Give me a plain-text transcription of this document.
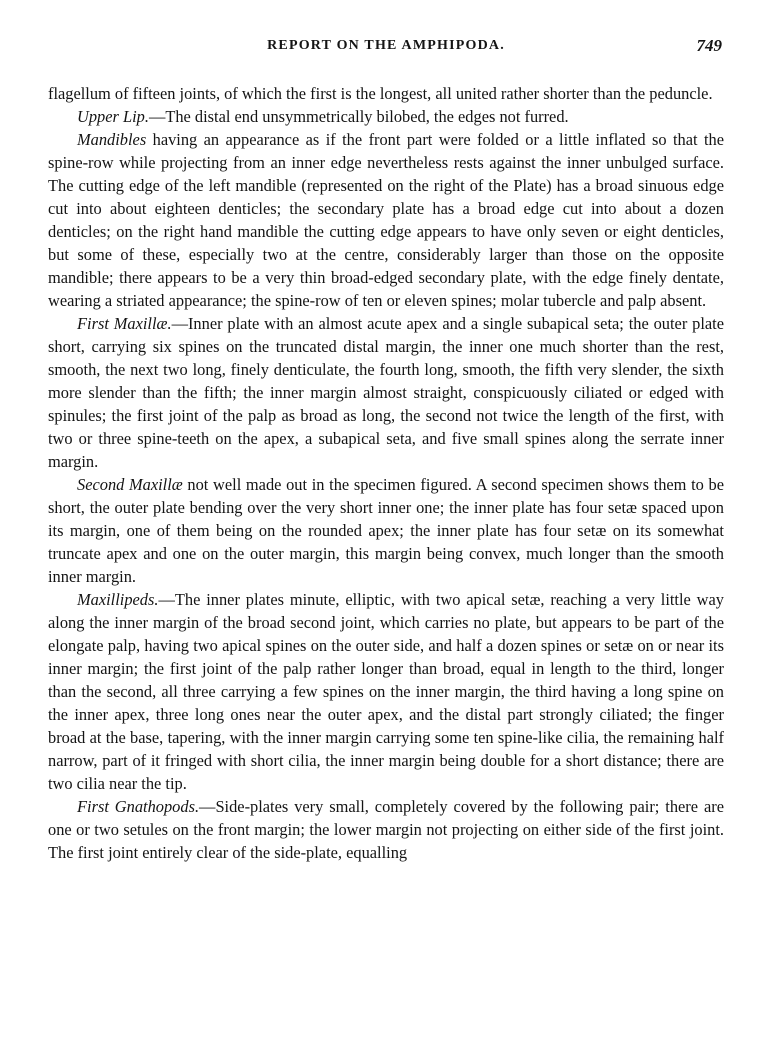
REPORT ON THE AMPHIPODA.	749

flagellum of fifteen joints, of which the first is the longest, all united rather shorter than the peduncle.

Upper Lip.—The distal end unsymmetrically bilobed, the edges not furred.

Mandibles having an appearance as if the front part were folded or a little inflated so that the spine-row while projecting from an inner edge nevertheless rests against the inner unbulged surface. The cutting edge of the left mandible (represented on the right of the Plate) has a broad sinuous edge cut into about eighteen denticles; the secondary plate has a broad edge cut into about a dozen denticles; on the right hand mandible the cutting edge appears to have only seven or eight denticles, but some of these, especially two at the centre, considerably larger than those on the opposite mandible; there appears to be a very thin broad-edged secondary plate, with the edge finely dentate, wearing a striated appearance; the spine-row of ten or eleven spines; molar tubercle and palp absent.

First Maxillæ.—Inner plate with an almost acute apex and a single subapical seta; the outer plate short, carrying six spines on the truncated distal margin, the inner one much shorter than the rest, smooth, the next two long, finely denticulate, the fourth long, smooth, the fifth very slender, the sixth more slender than the fifth; the inner margin almost straight, conspicuously ciliated or edged with spinules; the first joint of the palp as broad as long, the second not twice the length of the first, with two or three spine-teeth on the apex, a subapical seta, and five small spines along the serrate inner margin.

Second Maxillæ not well made out in the specimen figured. A second specimen shows them to be short, the outer plate bending over the very short inner one; the inner plate has four setæ spaced upon its margin, one of them being on the rounded apex; the inner plate has four setæ on its somewhat truncate apex and one on the outer margin, this margin being convex, much longer than the smooth inner margin.

Maxillipeds.—The inner plates minute, elliptic, with two apical setæ, reaching a very little way along the inner margin of the broad second joint, which carries no plate, but appears to be part of the elongate palp, having two apical spines on the outer side, and half a dozen spines or setæ on or near its inner margin; the first joint of the palp rather longer than broad, equal in length to the third, longer than the second, all three carrying a few spines on the inner margin, the third having a long spine on the inner apex, three long ones near the outer apex, and the distal part strongly ciliated; the finger broad at the base, tapering, with the inner margin carrying some ten spine-like cilia, the remaining half narrow, part of it fringed with short cilia, the inner margin being double for a short distance; there are two cilia near the tip.

First Gnathopods.—Side-plates very small, completely covered by the following pair; there are one or two setules on the front margin; the lower margin not projecting on either side of the first joint. The first joint entirely clear of the side-plate, equalling
